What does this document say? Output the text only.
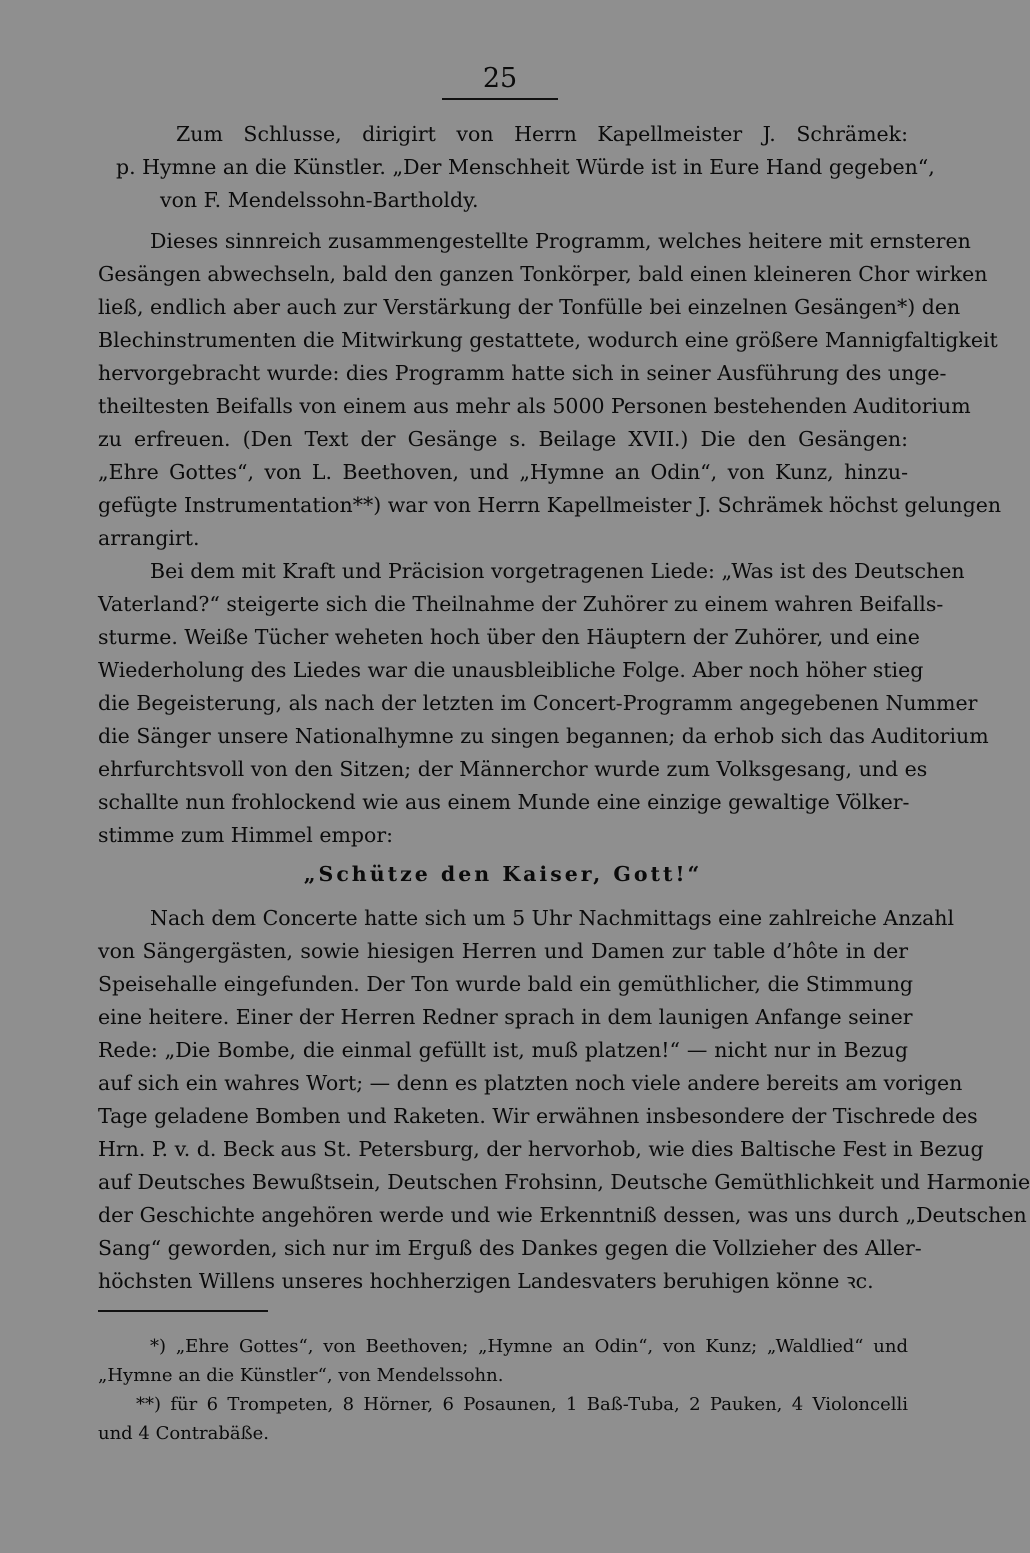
25
Zum Schlusse, dirigirt von Herrn Kapellmeister J. Schrämek:
p. Hymne an die Künstler. „Der Menschheit Würde ist in Eure Hand gegeben“,
von F. Mendelssohn-Bartholdy.
Dieses sinnreich zusammengestellte Programm, welches heitere mit ernsteren
Gesängen abwechseln, bald den ganzen Tonkörper, bald einen kleineren Chor wirken
ließ, endlich aber auch zur Verstärkung der Tonfülle bei einzelnen Gesängen*) den
Blechinstrumenten die Mitwirkung gestattete, wodurch eine größere Mannigfaltigkeit
hervorgebracht wurde: dies Programm hatte sich in seiner Ausführung des unge-
theiltesten Beifalls von einem aus mehr als 5000 Personen bestehenden Auditorium
zu erfreuen. (Den Text der Gesänge s. Beilage XVII.) Die den Gesängen:
„Ehre Gottes“, von L. Beethoven, und „Hymne an Odin“, von Kunz, hinzu-
gefügte Instrumentation**) war von Herrn Kapellmeister J. Schrämek höchst gelungen
arrangirt.
Bei dem mit Kraft und Präcision vorgetragenen Liede: „Was ist des Deutschen
Vaterland?“ steigerte sich die Theilnahme der Zuhörer zu einem wahren Beifalls-
sturme. Weiße Tücher weheten hoch über den Häuptern der Zuhörer, und eine
Wiederholung des Liedes war die unausbleibliche Folge. Aber noch höher stieg
die Begeisterung, als nach der letzten im Concert-Programm angegebenen Nummer
die Sänger unsere Nationalhymne zu singen begannen; da erhob sich das Auditorium
ehrfurchtsvoll von den Sitzen; der Männerchor wurde zum Volksgesang, und es
schallte nun frohlockend wie aus einem Munde eine einzige gewaltige Völker-
stimme zum Himmel empor:
„Schütze den Kaiser, Gott!“
Nach dem Concerte hatte sich um 5 Uhr Nachmittags eine zahlreiche Anzahl
von Sängergästen, sowie hiesigen Herren und Damen zur table d’hôte in der
Speisehalle eingefunden. Der Ton wurde bald ein gemüthlicher, die Stimmung
eine heitere. Einer der Herren Redner sprach in dem launigen Anfange seiner
Rede: „Die Bombe, die einmal gefüllt ist, muß platzen!“ — nicht nur in Bezug
auf sich ein wahres Wort; — denn es platzten noch viele andere bereits am vorigen
Tage geladene Bomben und Raketen. Wir erwähnen insbesondere der Tischrede des
Hrn. P. v. d. Beck aus St. Petersburg, der hervorhob, wie dies Baltische Fest in Bezug
auf Deutsches Bewußtsein, Deutschen Frohsinn, Deutsche Gemüthlichkeit und Harmonie
der Geschichte angehören werde und wie Erkenntniß dessen, was uns durch „Deutschen
Sang“ geworden, sich nur im Erguß des Dankes gegen die Vollzieher des Aller-
höchsten Willens unseres hochherzigen Landesvaters beruhigen könne ꝛc.
*) „Ehre Gottes“, von Beethoven; „Hymne an Odin“, von Kunz; „Waldlied“ und
„Hymne an die Künstler“, von Mendelssohn.
**) für 6 Trompeten, 8 Hörner, 6 Posaunen, 1 Baß-Tuba, 2 Pauken, 4 Violoncelli
und 4 Contrabäße.
